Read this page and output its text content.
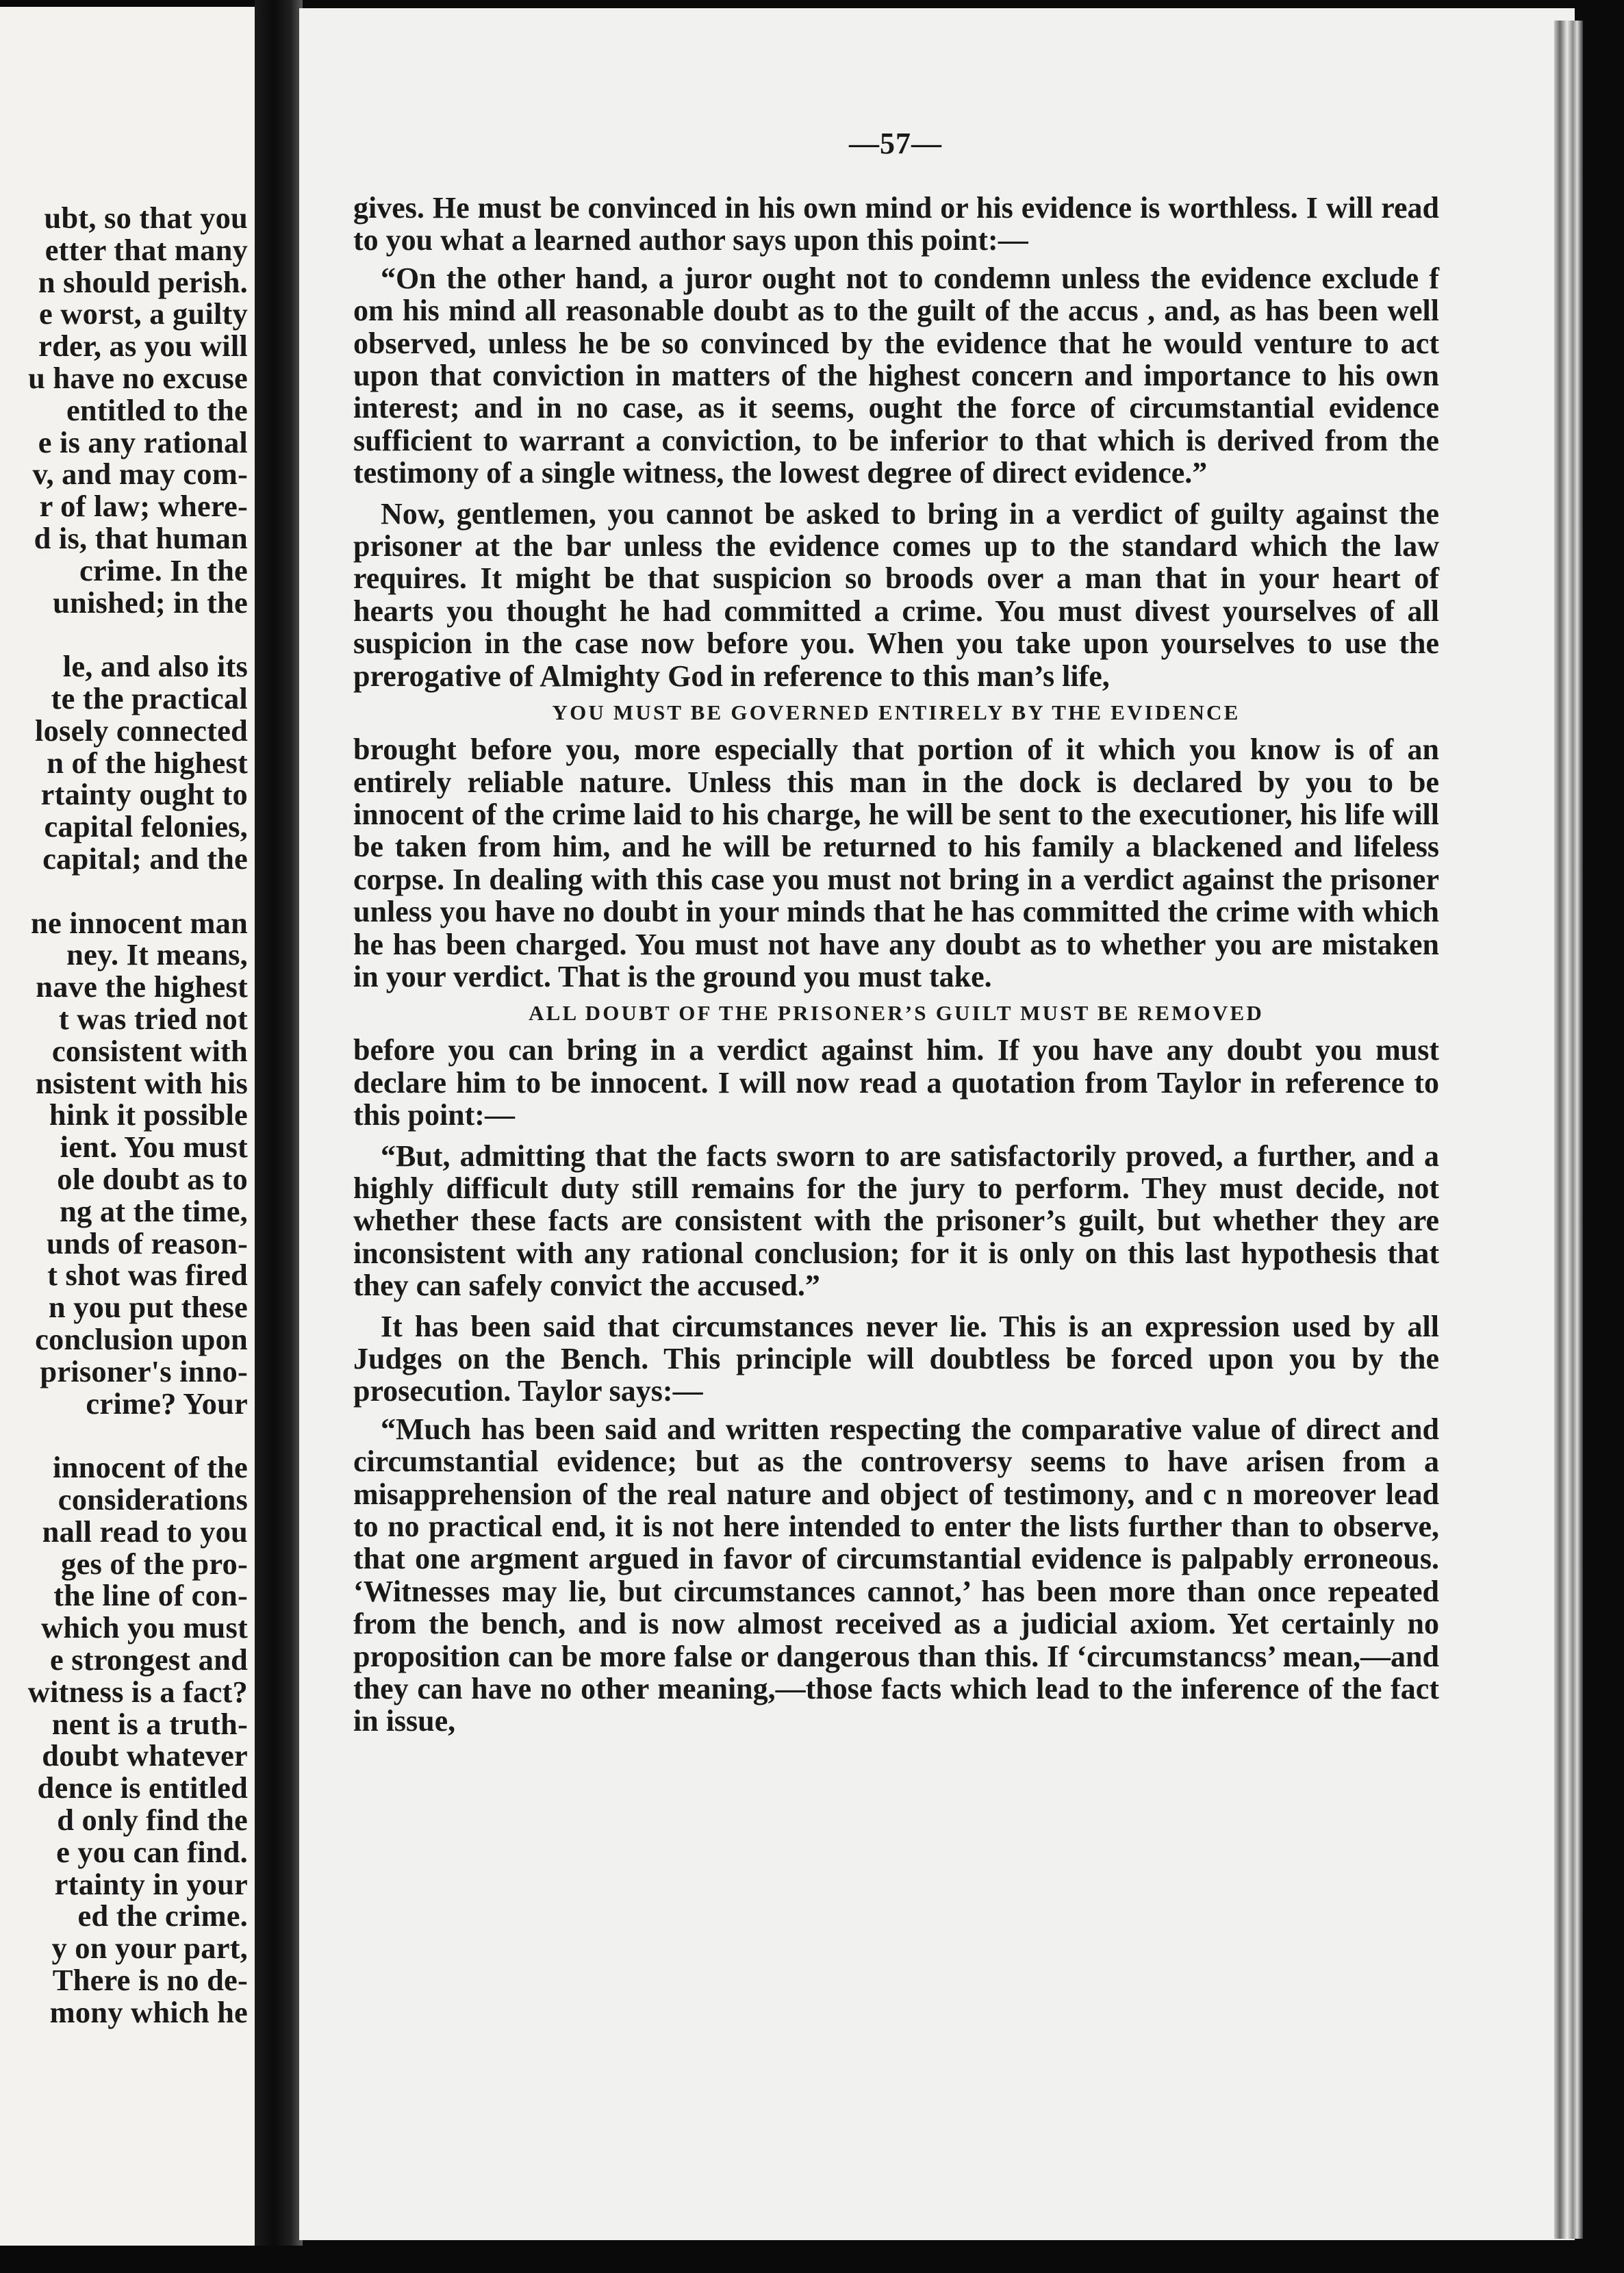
ubt, so that you
etter that many
n should perish.
e worst, a guilty
rder, as you will
u have no excuse
entitled to the
e is any rational
v, and may com-
r of law; where-
d is, that human
crime. In the
unished; in the
le, and also its
te the practical
losely connected
n of the highest
rtainty ought to
capital felonies,
capital; and the
ne innocent man
ney. It means,
nave the highest
t was tried not
consistent with
nsistent with his
hink it possible
ient. You must
ole doubt as to
ng at the time,
unds of reason-
t shot was fired
n you put these
conclusion upon
prisoner's inno-
crime? Your
innocent of the
considerations
nall read to you
ges of the pro-
the line of con-
which you must
e strongest and
witness is a fact?
nent is a truth-
doubt whatever
dence is entitled
d only find the
e you can find.
rtainty in your
ed the crime.
y on your part,
There is no de-
mony which he
—57—

gives. He must be convinced in his own mind or his evidence is worthless. I will read to you what a learned author says upon this point:—

“On the other hand, a juror ought not to condemn unless the evidence exclude f om his mind all reasonable doubt as to the guilt of the accus , and, as has been well observed, unless he be so convinced by the evidence that he would venture to act upon that conviction in matters of the highest concern and importance to his own interest; and in no case, as it seems, ought the force of circumstantial evidence sufficient to warrant a conviction, to be inferior to that which is derived from the testimony of a single witness, the lowest degree of direct evidence.”

Now, gentlemen, you cannot be asked to bring in a verdict of guilty against the prisoner at the bar unless the evidence comes up to the standard which the law requires. It might be that suspicion so broods over a man that in your heart of hearts you thought he had committed a crime. You must divest yourselves of all suspicion in the case now before you. When you take upon yourselves to use the prerogative of Almighty God in reference to this man’s life,

YOU MUST BE GOVERNED ENTIRELY BY THE EVIDENCE

brought before you, more especially that portion of it which you know is of an entirely reliable nature. Unless this man in the dock is declared by you to be innocent of the crime laid to his charge, he will be sent to the executioner, his life will be taken from him, and he will be returned to his family a blackened and lifeless corpse. In dealing with this case you must not bring in a verdict against the prisoner unless you have no doubt in your minds that he has committed the crime with which he has been charged. You must not have any doubt as to whether you are mistaken in your verdict. That is the ground you must take.

ALL DOUBT OF THE PRISONER’S GUILT MUST BE REMOVED

before you can bring in a verdict against him. If you have any doubt you must declare him to be innocent. I will now read a quotation from Taylor in reference to this point:—

“But, admitting that the facts sworn to are satisfactorily proved, a further, and a highly difficult duty still remains for the jury to perform. They must decide, not whether these facts are consistent with the prisoner’s guilt, but whether they are inconsistent with any rational conclusion; for it is only on this last hypothesis that they can safely convict the accused.”

It has been said that circumstances never lie. This is an expression used by all Judges on the Bench. This principle will doubtless be forced upon you by the prosecution. Taylor says:—

“Much has been said and written respecting the comparative value of direct and circumstantial evidence; but as the controversy seems to have arisen from a misapprehension of the real nature and object of testimony, and c n moreover lead to no practical end, it is not here intended to enter the lists further than to observe, that one argment argued in favor of circumstantial evidence is palpably erroneous. ‘Witnesses may lie, but circumstances cannot,’ has been more than once repeated from the bench, and is now almost received as a judicial axiom. Yet certainly no proposition can be more false or dangerous than this. If ‘circumstancss’ mean,—and they can have no other meaning,—those facts which lead to the inference of the fact in issue,
